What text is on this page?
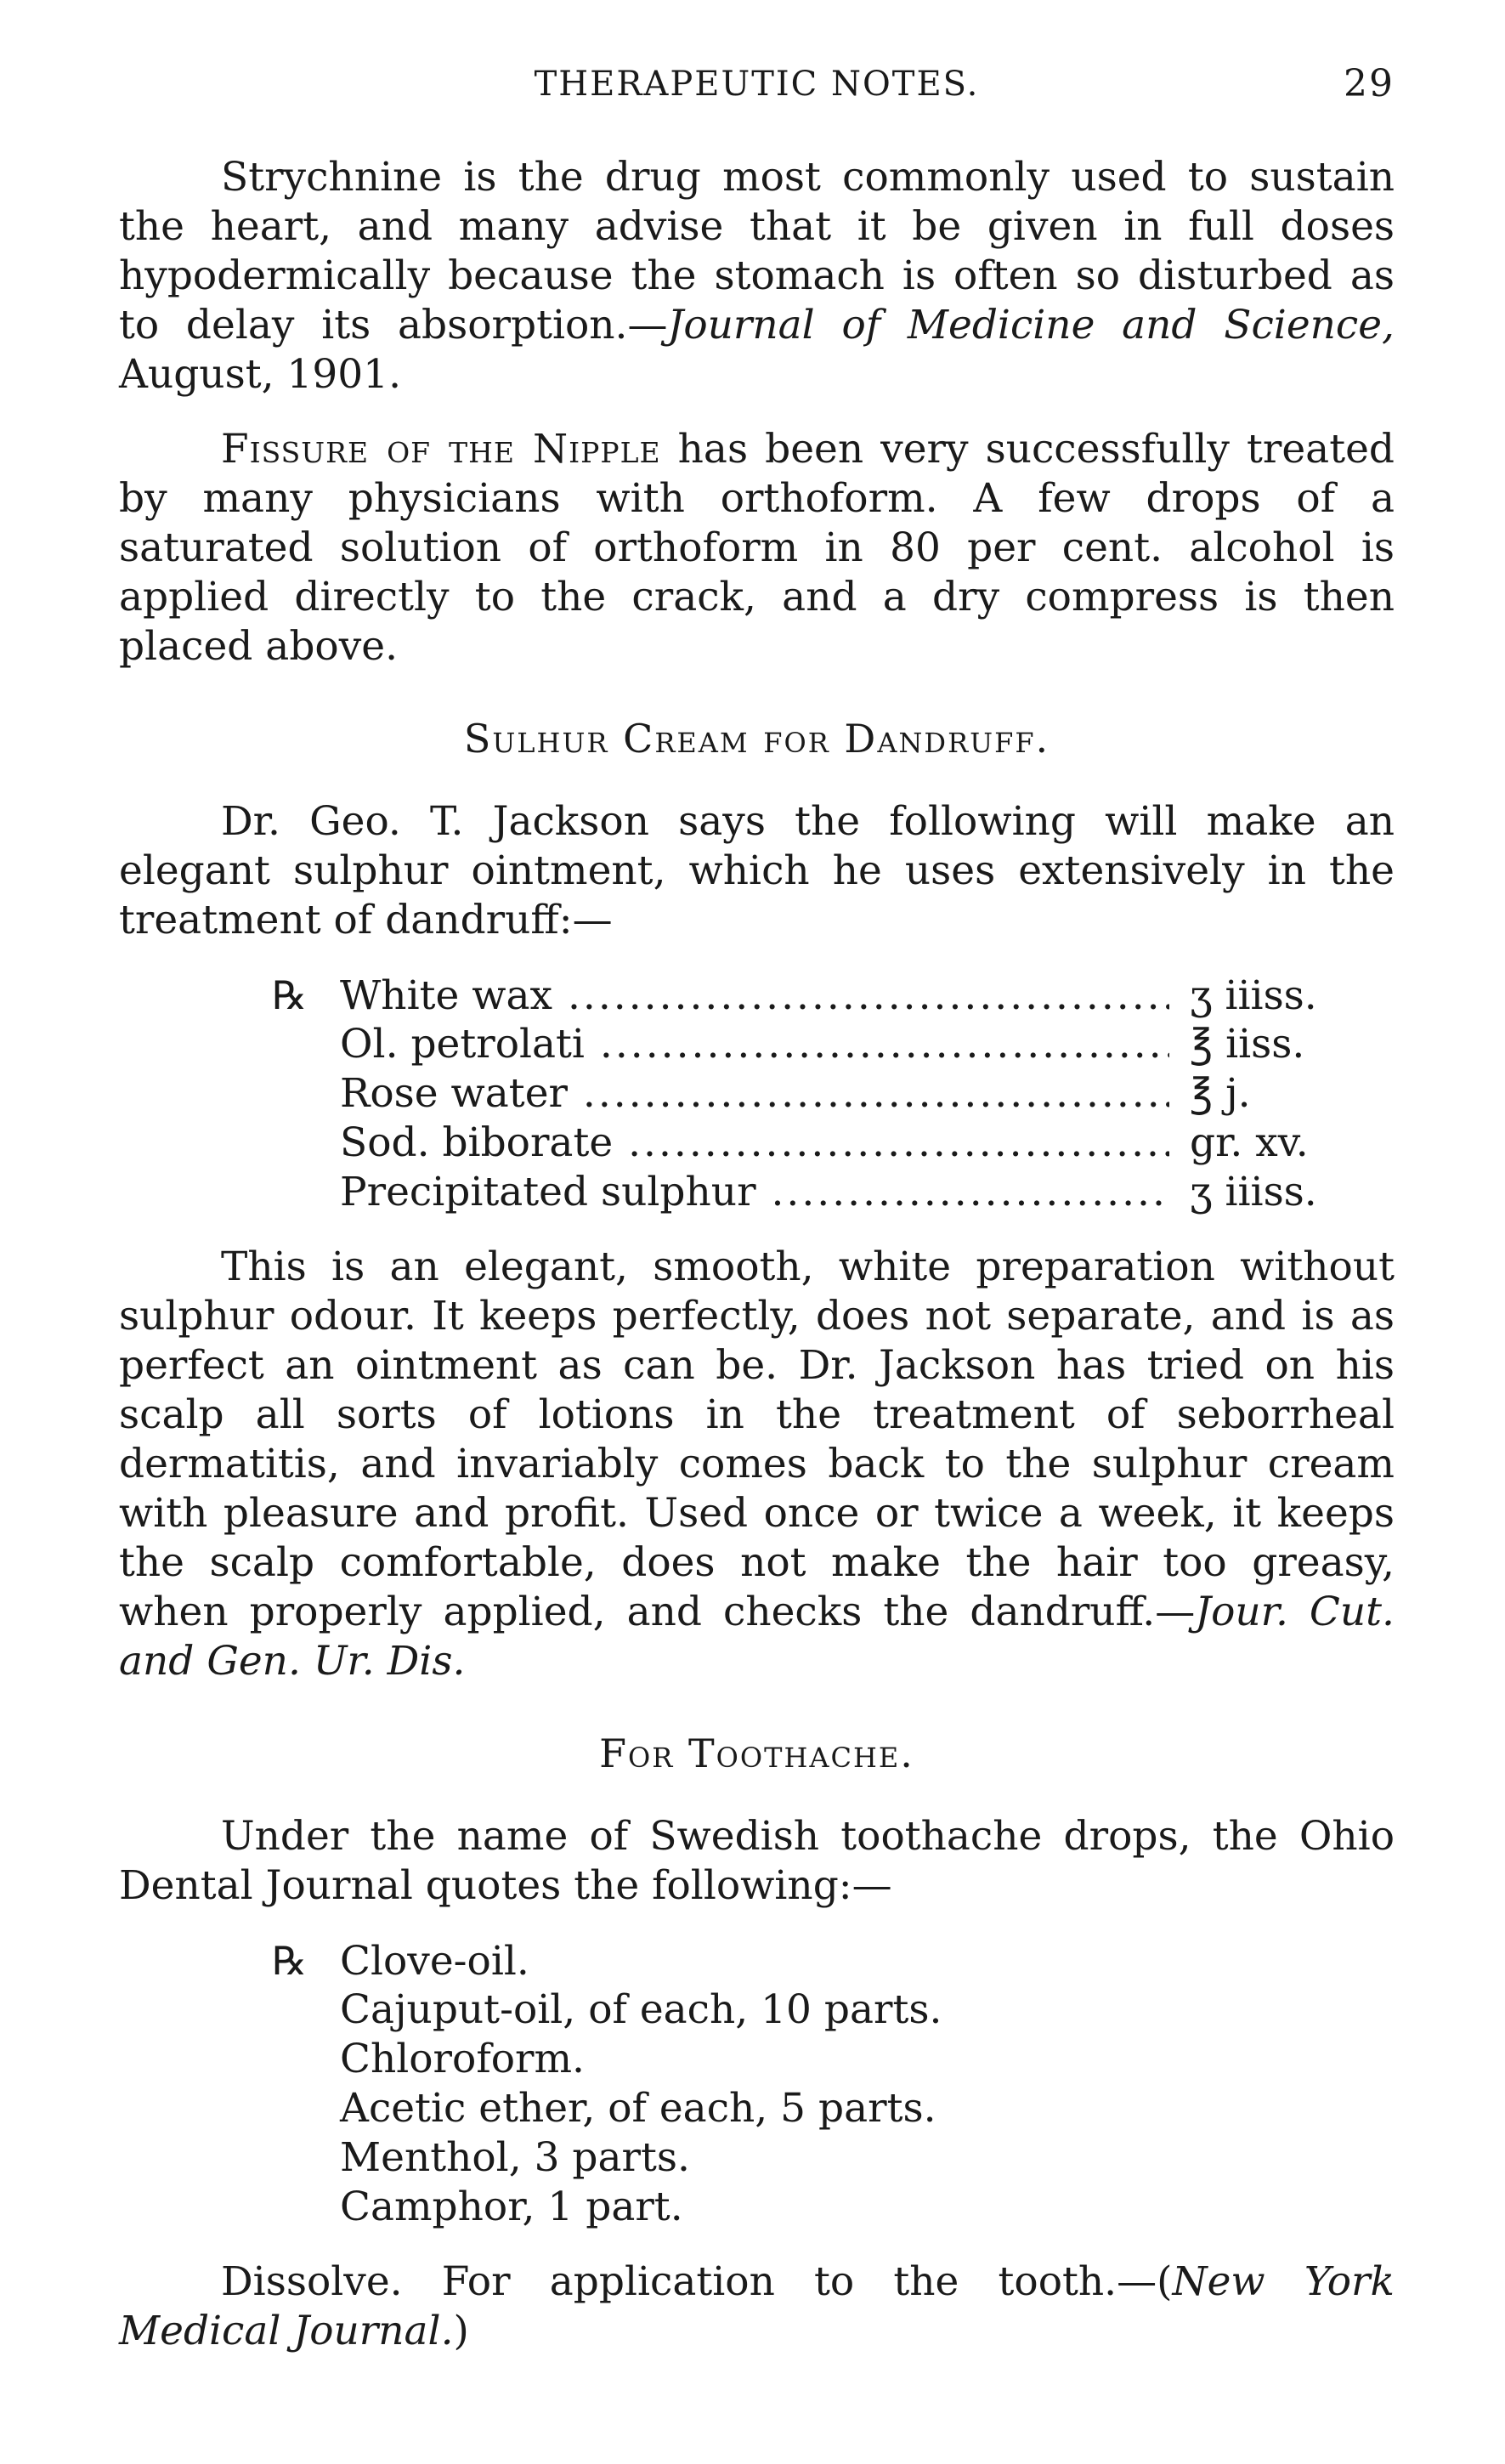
THERAPEUTIC NOTES.	29

Strychnine is the drug most commonly used to sustain the heart, and many advise that it be given in full doses hypodermically because the stomach is often so disturbed as to delay its absorption.—Journal of Medicine and Science, August, 1901.

Fissure of the Nipple has been very successfully treated by many physicians with orthoform. A few drops of a saturated solution of orthoform in 80 per cent. alcohol is applied directly to the crack, and a dry compress is then placed above.

Sulhur Cream for Dandruff.

Dr. Geo. T. Jackson says the following will make an elegant sulphur ointment, which he uses extensively in the treatment of dandruff:—

℞ White wax .....	ʒ iiiss.
Ol. petrolati .....	℥ iiss.
Rose water .....	℥ j.
Sod. biborate .....	gr. xv.
Precipitated sulphur .....	ʒ iiiss.

This is an elegant, smooth, white preparation without sulphur odour. It keeps perfectly, does not separate, and is as perfect an ointment as can be. Dr. Jackson has tried on his scalp all sorts of lotions in the treatment of seborrheal dermatitis, and invariably comes back to the sulphur cream with pleasure and profit. Used once or twice a week, it keeps the scalp comfortable, does not make the hair too greasy, when properly applied, and checks the dandruff.—Jour. Cut. and Gen. Ur. Dis.

For Toothache.

Under the name of Swedish toothache drops, the Ohio Dental Journal quotes the following:—

℞ Clove-oil.
Cajuput-oil, of each, 10 parts.
Chloroform.
Acetic ether, of each, 5 parts.
Menthol, 3 parts.
Camphor, 1 part.

Dissolve. For application to the tooth.—(New York Medical Journal.)
